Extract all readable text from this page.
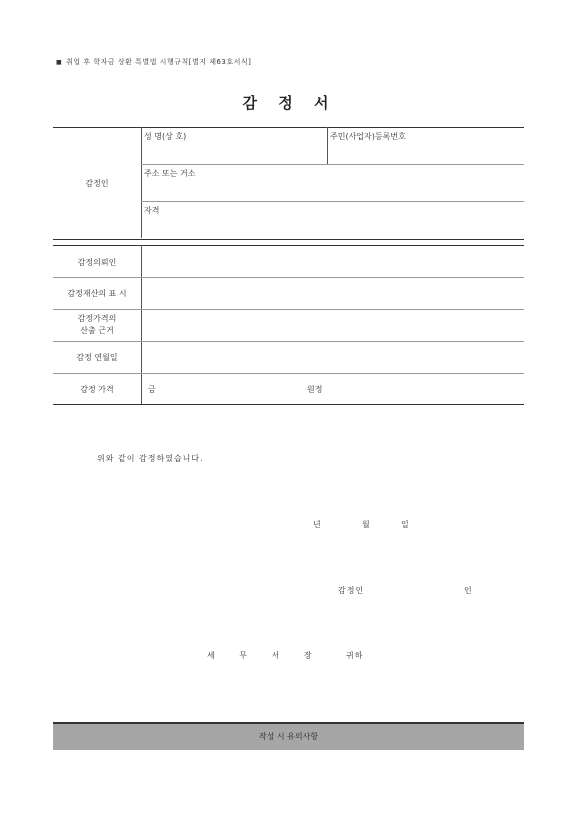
■ 취업 후 학자금 상환 특별법 시행규칙[별지 제63호서식]
감 정 서
감정인
성 명(상 호)	주민(사업자)등록번호
주소 또는 거소
자격
감정의뢰인
감정재산의 표 시
감정가격의
산출 근거
감정 연월일
감정 가격	금	원정
위와 같이 감정하였습니다.
년	월	일
감정인	인
세 무 서 장	귀하
작성 시 유의사항
